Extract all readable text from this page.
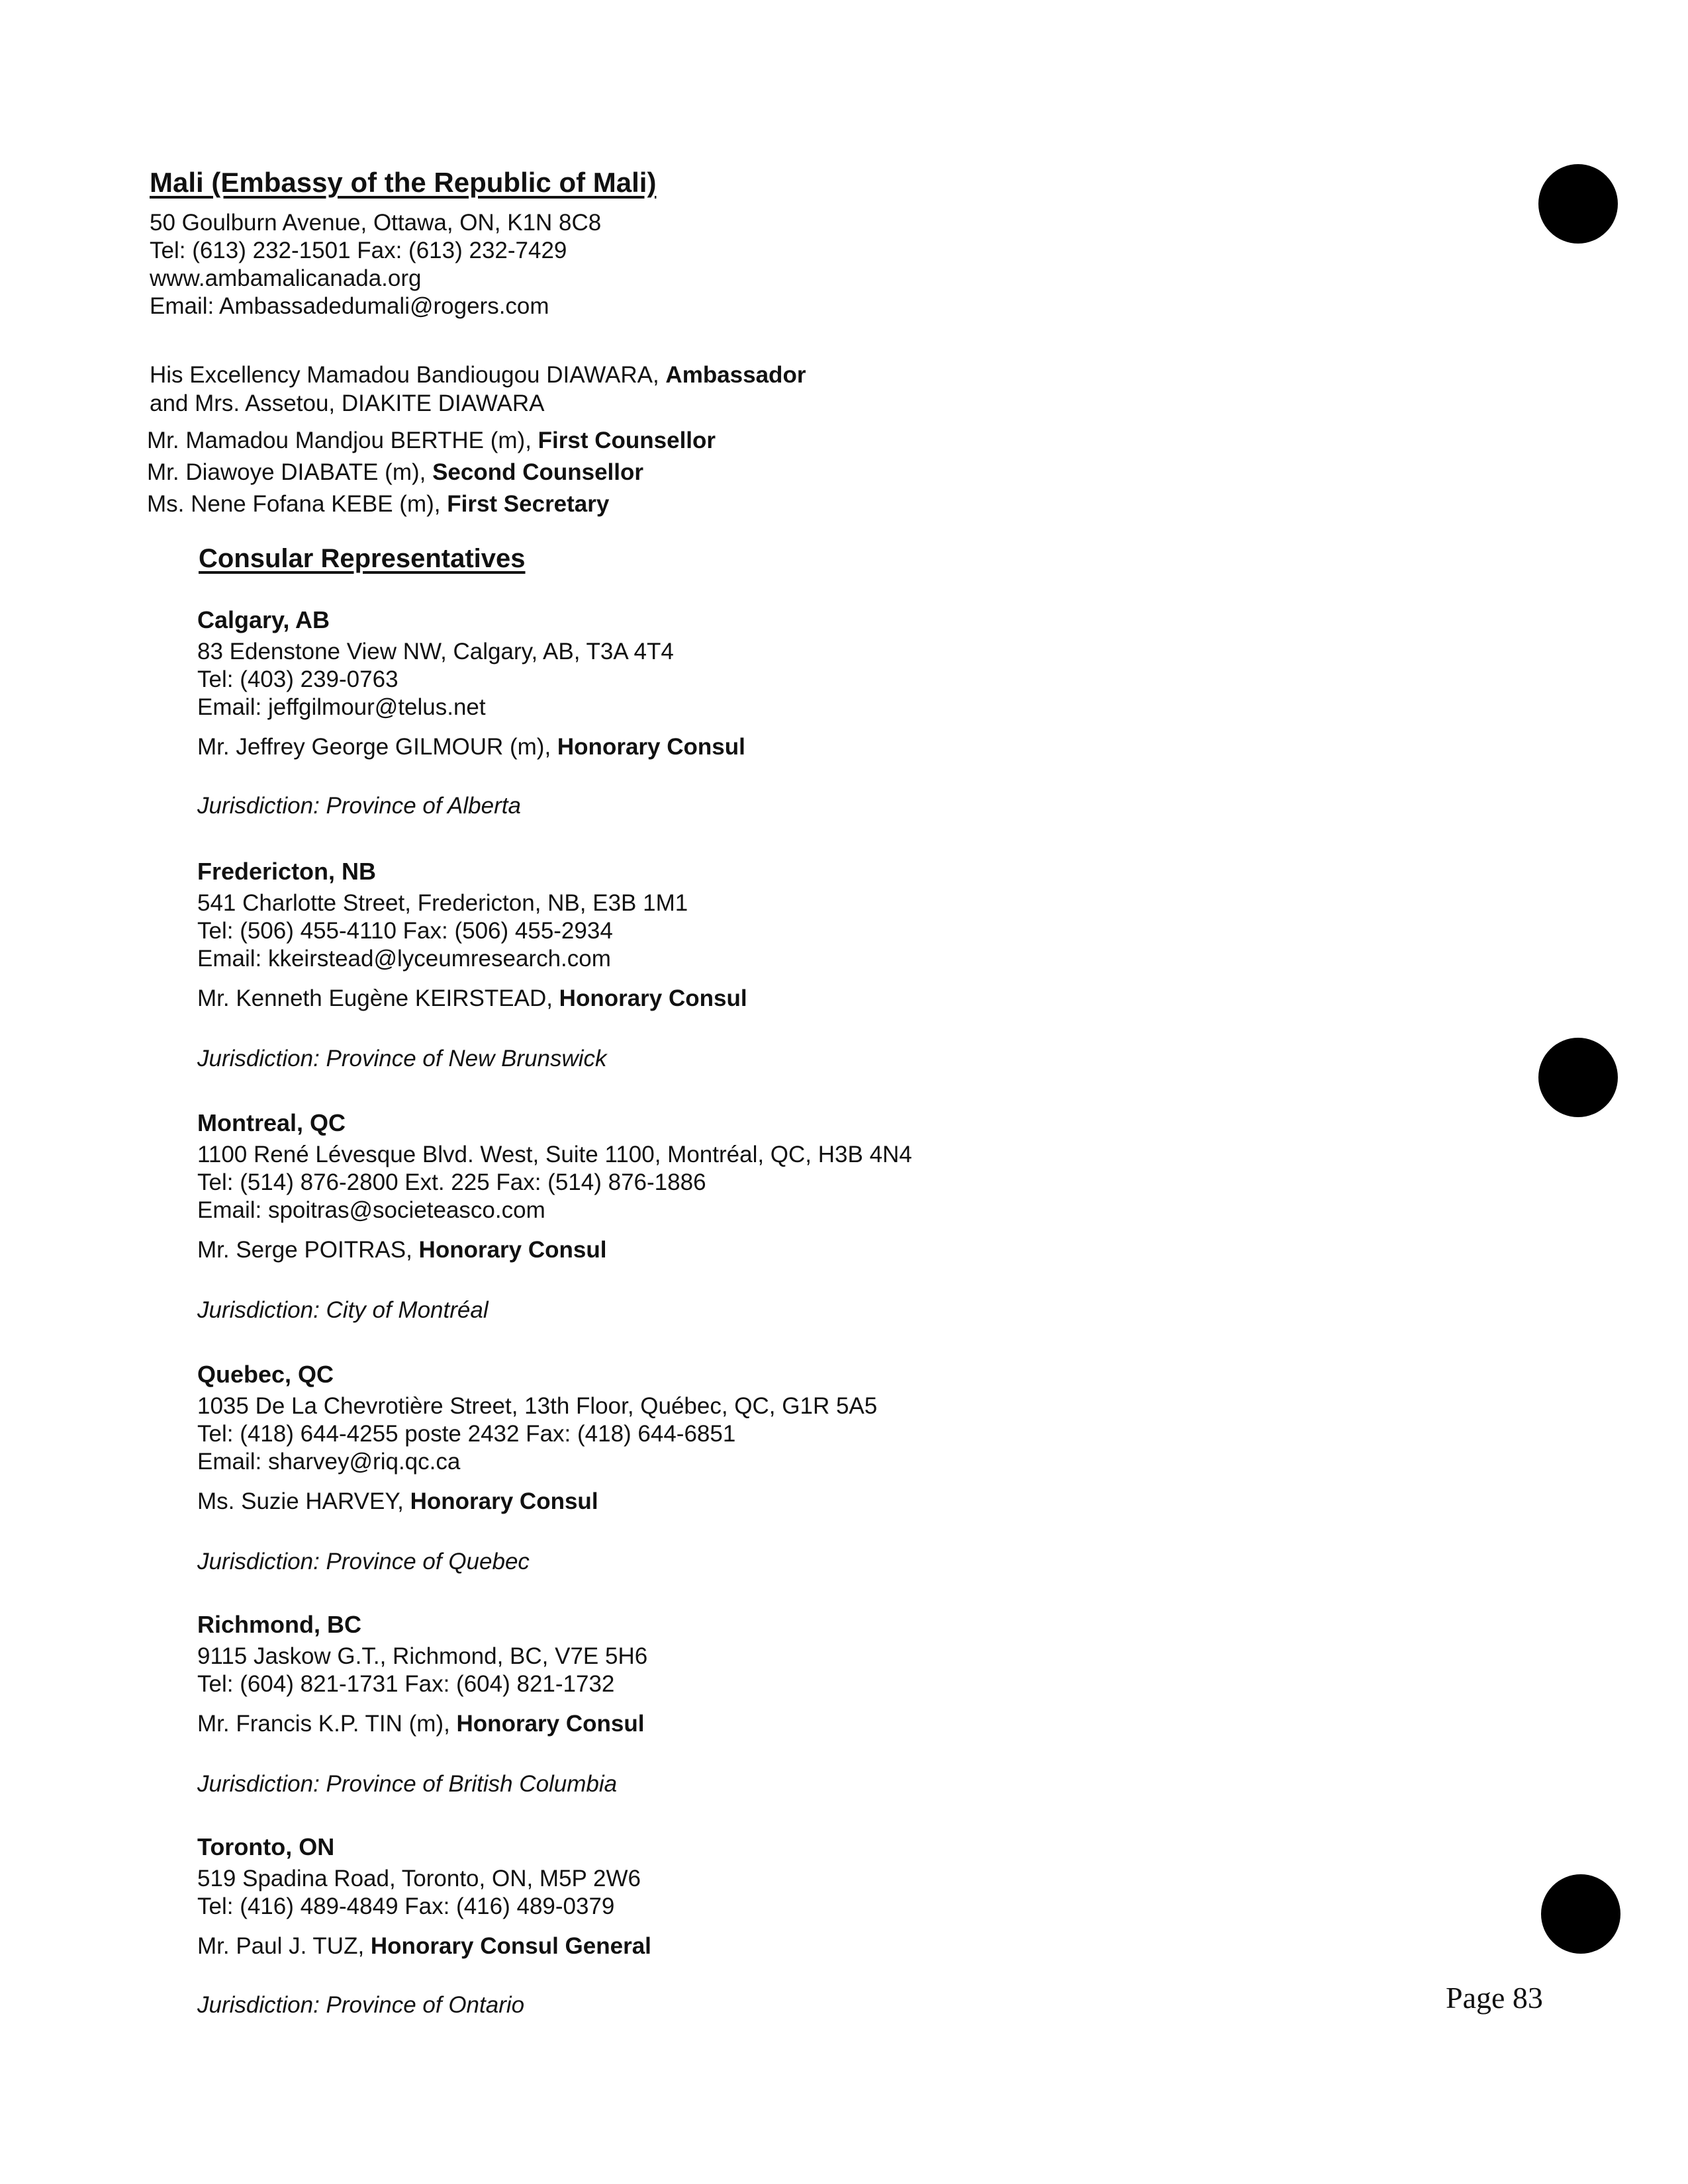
Mali (Embassy of the Republic of Mali)
50 Goulburn Avenue, Ottawa, ON, K1N 8C8
Tel: (613) 232-1501 Fax: (613) 232-7429
www.ambamalicanada.org
Email: Ambassadedumali@rogers.com
His Excellency Mamadou Bandiougou DIAWARA, Ambassador
and Mrs. Assetou, DIAKITE DIAWARA
Mr. Mamadou Mandjou BERTHE (m), First Counsellor
Mr. Diawoye DIABATE (m), Second Counsellor
Ms. Nene Fofana KEBE (m), First Secretary
Consular Representatives
Calgary, AB
83 Edenstone View NW, Calgary, AB, T3A 4T4
Tel: (403) 239-0763
Email: jeffgilmour@telus.net
Mr. Jeffrey George GILMOUR (m), Honorary Consul
Jurisdiction: Province of Alberta
Fredericton, NB
541 Charlotte Street, Fredericton, NB, E3B 1M1
Tel: (506) 455-4110 Fax: (506) 455-2934
Email: kkeirstead@lyceumresearch.com
Mr. Kenneth Eugène KEIRSTEAD, Honorary Consul
Jurisdiction: Province of New Brunswick
Montreal, QC
1100 René Lévesque Blvd. West, Suite 1100, Montréal, QC, H3B 4N4
Tel: (514) 876-2800 Ext. 225 Fax: (514) 876-1886
Email: spoitras@societeasco.com
Mr. Serge POITRAS, Honorary Consul
Jurisdiction: City of Montréal
Quebec, QC
1035 De La Chevrotière Street, 13th Floor, Québec, QC, G1R 5A5
Tel: (418) 644-4255 poste 2432 Fax: (418) 644-6851
Email: sharvey@riq.qc.ca
Ms. Suzie HARVEY, Honorary Consul
Jurisdiction: Province of Quebec
Richmond, BC
9115 Jaskow G.T., Richmond, BC, V7E 5H6
Tel: (604) 821-1731 Fax: (604) 821-1732
Mr. Francis K.P. TIN (m), Honorary Consul
Jurisdiction: Province of British Columbia
Toronto, ON
519 Spadina Road, Toronto, ON, M5P 2W6
Tel: (416) 489-4849 Fax: (416) 489-0379
Mr. Paul J. TUZ, Honorary Consul General
Jurisdiction: Province of Ontario	Page 83
